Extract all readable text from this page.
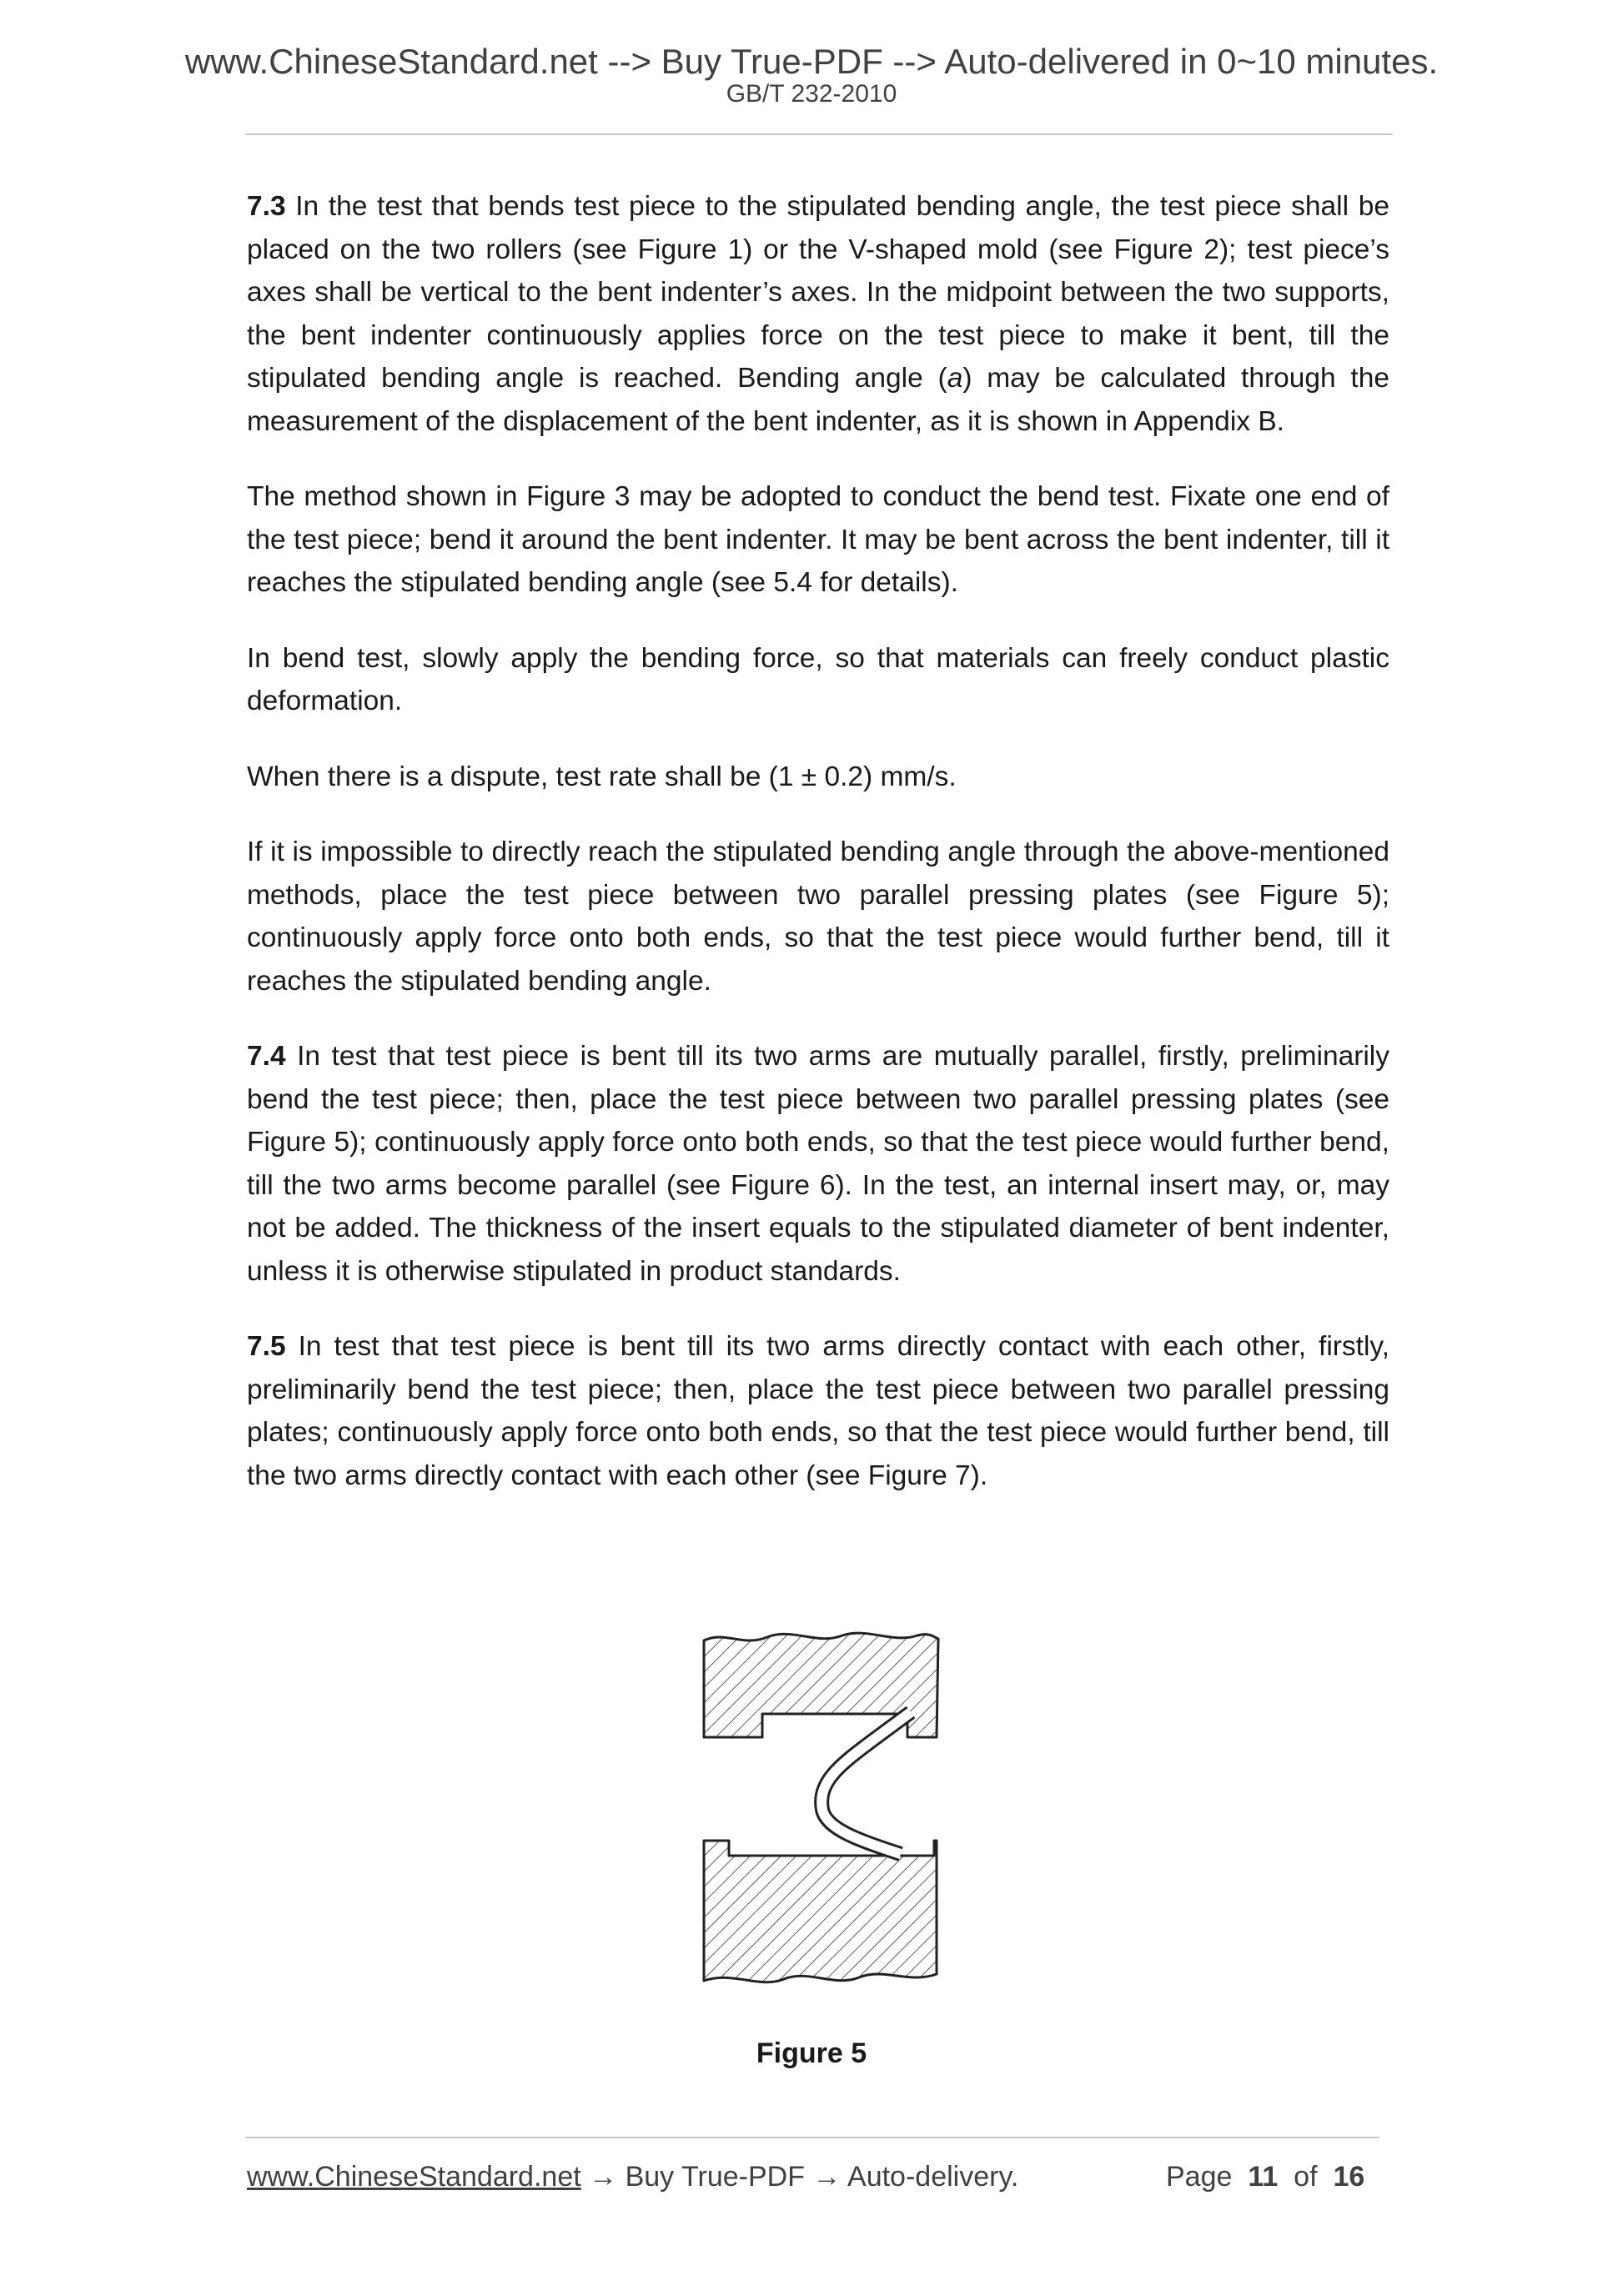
www.ChineseStandard.net --> Buy True-PDF --> Auto-delivered in 0~10 minutes.
GB/T 232-2010

7.3 In the test that bends test piece to the stipulated bending angle, the test piece shall be placed on the two rollers (see Figure 1) or the V-shaped mold (see Figure 2); test piece’s axes shall be vertical to the bent indenter’s axes. In the midpoint between the two supports, the bent indenter continuously applies force on the test piece to make it bent, till the stipulated bending angle is reached. Bending angle (a) may be calculated through the measurement of the displacement of the bent indenter, as it is shown in Appendix B.

The method shown in Figure 3 may be adopted to conduct the bend test. Fixate one end of the test piece; bend it around the bent indenter. It may be bent across the bent indenter, till it reaches the stipulated bending angle (see 5.4 for details).

In bend test, slowly apply the bending force, so that materials can freely conduct plastic deformation.

When there is a dispute, test rate shall be (1 ± 0.2) mm/s.

If it is impossible to directly reach the stipulated bending angle through the above-mentioned methods, place the test piece between two parallel pressing plates (see Figure 5); continuously apply force onto both ends, so that the test piece would further bend, till it reaches the stipulated bending angle.

7.4 In test that test piece is bent till its two arms are mutually parallel, firstly, preliminarily bend the test piece; then, place the test piece between two parallel pressing plates (see Figure 5); continuously apply force onto both ends, so that the test piece would further bend, till the two arms become parallel (see Figure 6). In the test, an internal insert may, or, may not be added. The thickness of the insert equals to the stipulated diameter of bent indenter, unless it is otherwise stipulated in product standards.

7.5 In test that test piece is bent till its two arms directly contact with each other, firstly, preliminarily bend the test piece; then, place the test piece between two parallel pressing plates; continuously apply force onto both ends, so that the test piece would further bend, till the two arms directly contact with each other (see Figure 7).

Figure 5
www.ChineseStandard.net → Buy True-PDF → Auto-delivery.	Page 11 of 16
